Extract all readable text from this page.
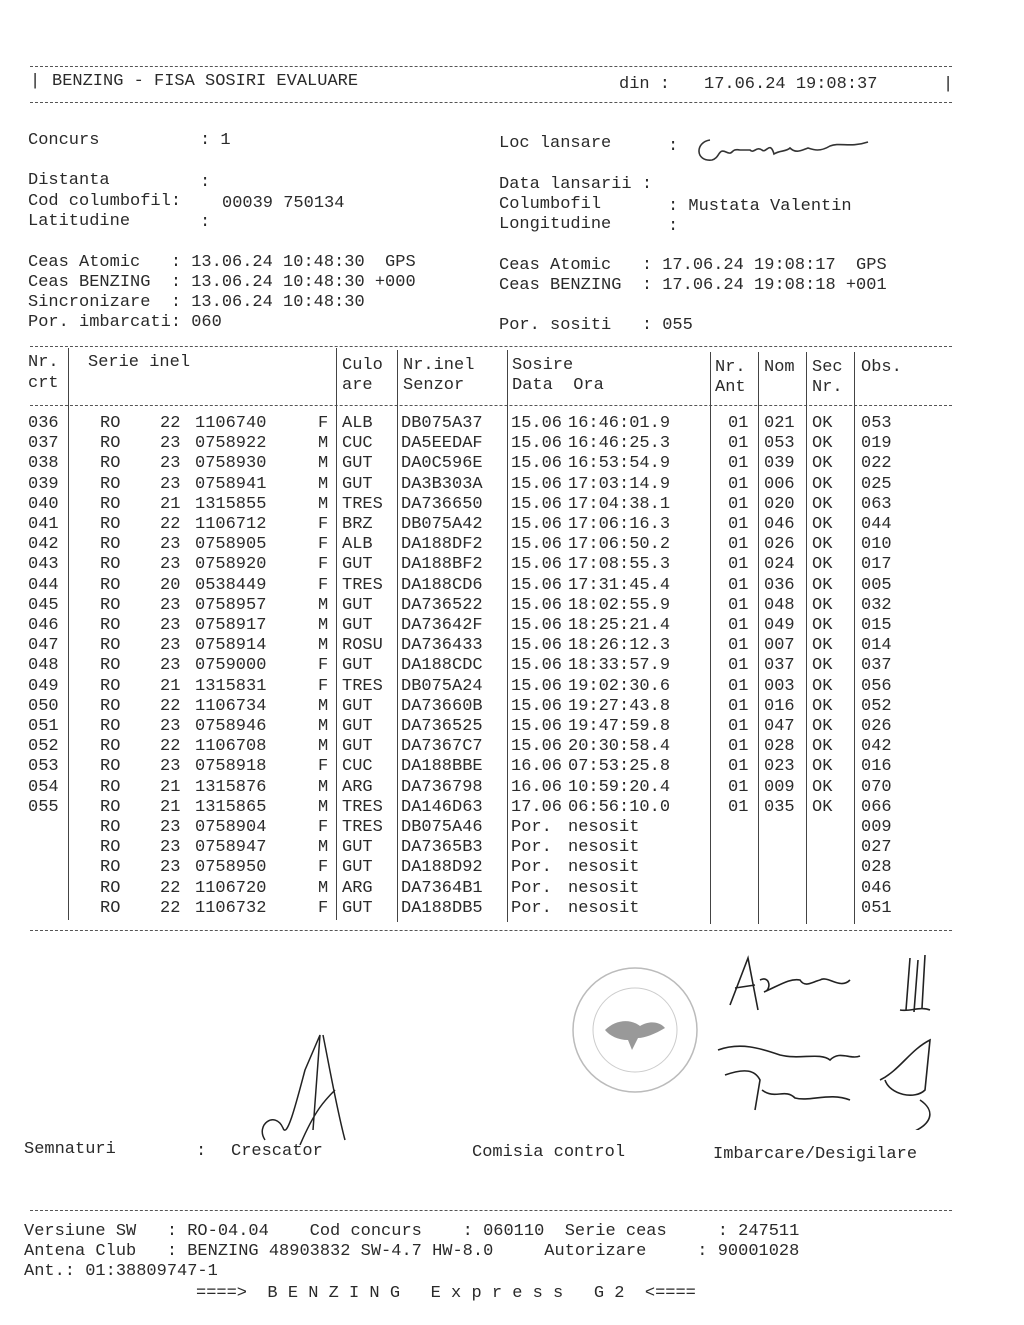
| BENZING - FISA SOSIRI EVALUARE	din : 17.06.24 19:08:37	|
Concurs	: 1	Loc lansare	:
Distanta	:
Cod columbofil: 00039 750134
Latitudine	:
Data lansarii :
Columbofil	: Mustata Valentin
Longitudine	:
Ceas Atomic   : 13.06.24 10:48:30  GPS
Ceas BENZING  : 13.06.24 10:48:30 +000
Sincronizare  : 13.06.24 10:48:30
Por. imbarcati: 060
Ceas Atomic   : 17.06.24 19:08:17  GPS
Ceas BENZING  : 17.06.24 19:08:18 +001
Por. sositi   : 055
Nr.
crt
Serie inel	Culo
are
Nr.inel
Senzor
Sosire
Data  Ora
Nr.
Ant
Nom Sec
Nr.
Obs.
036 RO 22 1106740	F ALB DB075A37 15.06 16:46:01.9	01 021 OK 053
037 RO 23 0758922	M CUC DA5EEDAF 15.06 16:46:25.3	01 053 OK 019
038 RO 23 0758930	M GUT DA0C596E 15.06 16:53:54.9	01 039 OK 022
039 RO 23 0758941	M GUT DA3B303A 15.06 17:03:14.9	01 006 OK 025
040 RO 21 1315855	M TRES DA736650 15.06 17:04:38.1	01 020 OK 063
041 RO 22 1106712	F BRZ DB075A42 15.06 17:06:16.3	01 046 OK 044
042 RO 23 0758905	F ALB DA188DF2 15.06 17:06:50.2	01 026 OK 010
043 RO 23 0758920	F GUT DA188BF2 15.06 17:08:55.3	01 024 OK 017
044 RO 20 0538449	F TRES DA188CD6 15.06 17:31:45.4	01 036 OK 005
045 RO 23 0758957	M GUT DA736522 15.06 18:02:55.9	01 048 OK 032
046 RO 23 0758917	M GUT DA73642F 15.06 18:25:21.4	01 049 OK 015
047 RO 23 0758914	M ROSU DA736433 15.06 18:26:12.3	01 007 OK 014
048 RO 23 0759000	F GUT DA188CDC 15.06 18:33:57.9	01 037 OK 037
049 RO 21 1315831	F TRES DB075A24 15.06 19:02:30.6	01 003 OK 056
050 RO 22 1106734	M GUT DA73660B 15.06 19:27:43.8	01 016 OK 052
051 RO 23 0758946	M GUT DA736525 15.06 19:47:59.8	01 047 OK 026
052 RO 22 1106708	M GUT DA7367C7 15.06 20:30:58.4	01 028 OK 042
053 RO 23 0758918	F CUC DA188BBE 16.06 07:53:25.8	01 023 OK 016
054 RO 21 1315876	M ARG DA736798 16.06 10:59:20.4	01 009 OK 070
055 RO 21 1315865	M TRES DA146D63 17.06 06:56:10.0	01 035 OK 066
RO 23 0758904	F TRES DB075A46 Por. nesosit	009
RO 23 0758947	M GUT DA7365B3 Por. nesosit	027
RO 23 0758950	F GUT DA188D92 Por. nesosit	028
RO 22 1106720	M ARG DA7364B1 Por. nesosit	046
RO 22 1106732	F GUT DA188DB5 Por. nesosit	051
Semnaturi	: Crescator	Comisia control	Imbarcare/Desigilare
Versiune SW   : RO-04.04    Cod concurs    : 060110  Serie ceas     : 247511
Antena Club   : BENZING 48903832 SW-4.7 HW-8.0     Autorizare     : 90001028
Ant.: 01:38809747-1
====>  B E N Z I N G   E x p r e s s   G 2  <====
